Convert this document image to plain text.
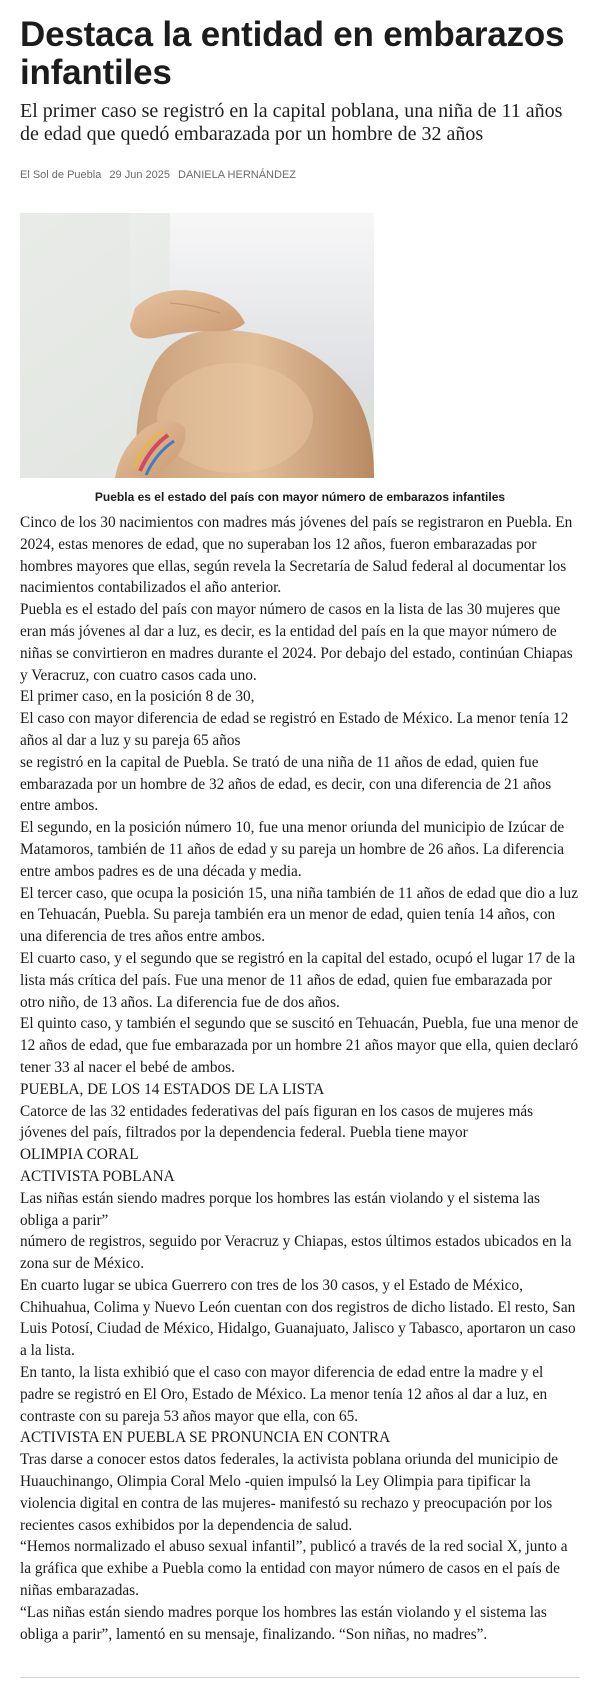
Destaca la entidad en embarazos infantiles

El primer caso se registró en la capital poblana, una niña de 11 años de edad que quedó embarazada por un hombre de 32 años

El Sol de Puebla 29 Jun 2025 DANIELA HERNÁNDEZ

Puebla es el estado del país con mayor número de embarazos infantiles

Cinco de los 30 nacimientos con madres más jóvenes del país se registraron en Puebla. En 2024, estas menores de edad, que no superaban los 12 años, fueron embarazadas por hombres mayores que ellas, según revela la Secretaría de Salud federal al documentar los nacimientos contabilizados el año anterior.

Puebla es el estado del país con mayor número de casos en la lista de las 30 mujeres que eran más jóvenes al dar a luz, es decir, es la entidad del país en la que mayor número de niñas se convirtieron en madres durante el 2024. Por debajo del estado, continúan Chiapas y Veracruz, con cuatro casos cada uno.

El primer caso, en la posición 8 de 30,

El caso con mayor diferencia de edad se registró en Estado de México. La menor tenía 12 años al dar a luz y su pareja 65 años

se registró en la capital de Puebla. Se trató de una niña de 11 años de edad, quien fue embarazada por un hombre de 32 años de edad, es decir, con una diferencia de 21 años entre ambos.

El segundo, en la posición número 10, fue una menor oriunda del municipio de Izúcar de Matamoros, también de 11 años de edad y su pareja un hombre de 26 años. La diferencia entre ambos padres es de una década y media.

El tercer caso, que ocupa la posición 15, una niña también de 11 años de edad que dio a luz en Tehuacán, Puebla. Su pareja también era un menor de edad, quien tenía 14 años, con una diferencia de tres años entre ambos.

El cuarto caso, y el segundo que se registró en la capital del estado, ocupó el lugar 17 de la lista más crítica del país. Fue una menor de 11 años de edad, quien fue embarazada por otro niño, de 13 años. La diferencia fue de dos años.

El quinto caso, y también el segundo que se suscitó en Tehuacán, Puebla, fue una menor de 12 años de edad, que fue embarazada por un hombre 21 años mayor que ella, quien declaró tener 33 al nacer el bebé de ambos.

PUEBLA, DE LOS 14 ESTADOS DE LA LISTA

Catorce de las 32 entidades federativas del país figuran en los casos de mujeres más jóvenes del país, filtrados por la dependencia federal. Puebla tiene mayor

OLIMPIA CORAL

ACTIVISTA POBLANA

Las niñas están siendo madres porque los hombres las están violando y el sistema las obliga a parir”

número de registros, seguido por Veracruz y Chiapas, estos últimos estados ubicados en la zona sur de México.

En cuarto lugar se ubica Guerrero con tres de los 30 casos, y el Estado de México, Chihuahua, Colima y Nuevo León cuentan con dos registros de dicho listado. El resto, San Luis Potosí, Ciudad de México, Hidalgo, Guanajuato, Jalisco y Tabasco, aportaron un caso a la lista.

En tanto, la lista exhibió que el caso con mayor diferencia de edad entre la madre y el padre se registró en El Oro, Estado de México. La menor tenía 12 años al dar a luz, en contraste con su pareja 53 años mayor que ella, con 65.

ACTIVISTA EN PUEBLA SE PRONUNCIA EN CONTRA

Tras darse a conocer estos datos federales, la activista poblana oriunda del municipio de Huauchinango, Olimpia Coral Melo -quien impulsó la Ley Olimpia para tipificar la violencia digital en contra de las mujeres- manifestó su rechazo y preocupación por los recientes casos exhibidos por la dependencia de salud.

“Hemos normalizado el abuso sexual infantil”, publicó a través de la red social X, junto a la gráfica que exhibe a Puebla como la entidad con mayor número de casos en el país de niñas embarazadas.

“Las niñas están siendo madres porque los hombres las están violando y el sistema las obliga a parir”, lamentó en su mensaje, finalizando. “Son niñas, no madres”.
